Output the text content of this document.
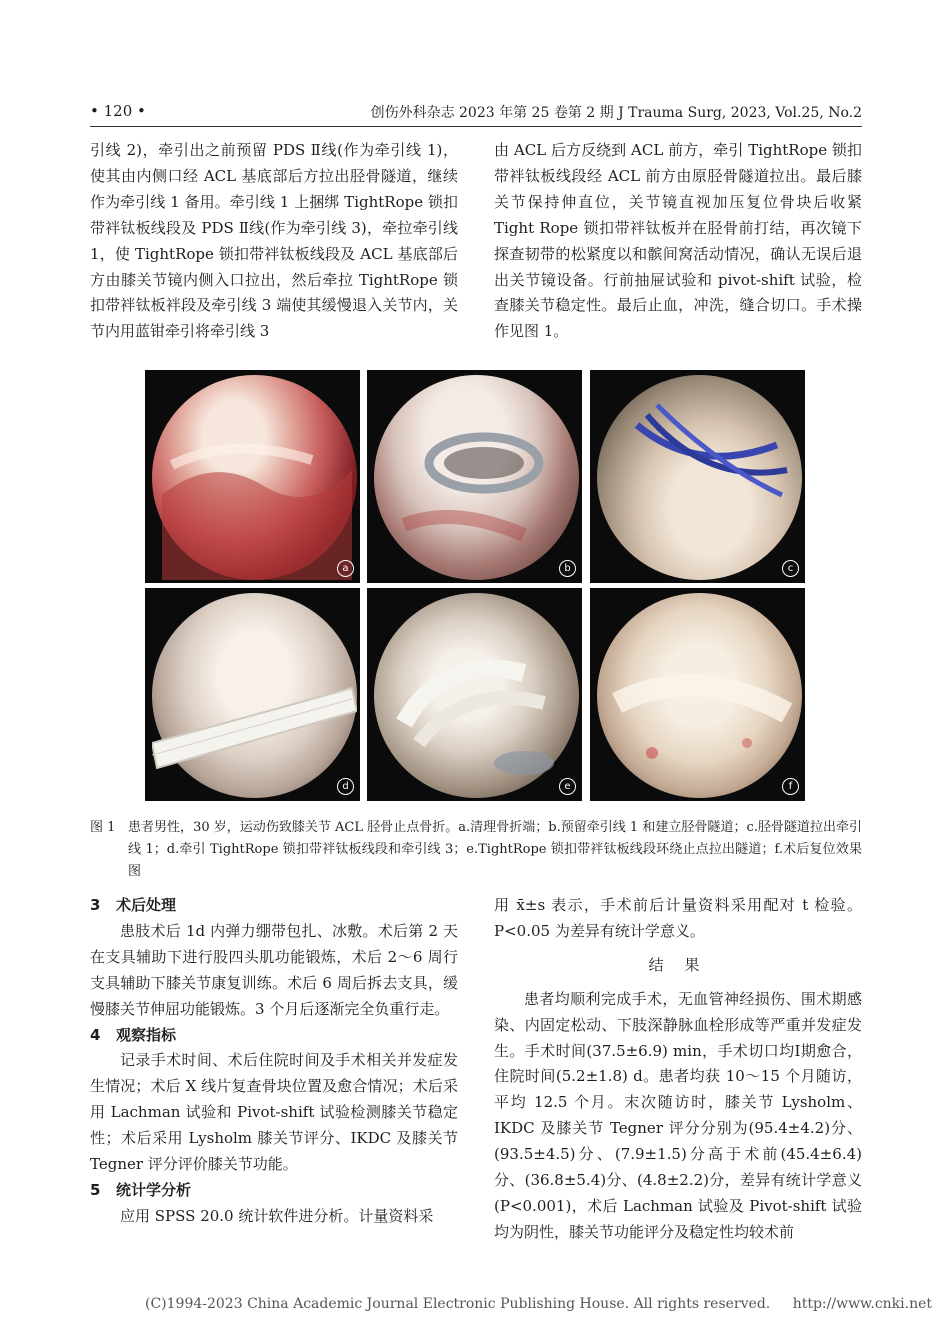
• 120 •	创伤外科杂志 2023 年第 25 卷第 2 期 J Trauma Surg, 2023, Vol.25, No.2

引线 2)，牵引出之前预留 PDS Ⅱ线(作为牵引线 1)，使其由内侧口经 ACL 基底部后方拉出胫骨隧道，继续作为牵引线 1 备用。牵引线 1 上捆绑 TightRope 锁扣带袢钛板线段及 PDS Ⅱ线(作为牵引线 3)，牵拉牵引线 1，使 TightRope 锁扣带袢钛板线段及 ACL 基底部后方由膝关节镜内侧入口拉出，然后牵拉 TightRope 锁扣带袢钛板袢段及牵引线 3 端使其缓慢退入关节内，关节内用蓝钳牵引将牵引线 3

由 ACL 后方反绕到 ACL 前方，牵引 TightRope 锁扣带袢钛板线段经 ACL 前方由原胫骨隧道拉出。最后膝关节保持伸直位，关节镜直视加压复位骨块后收紧 Tight Rope 锁扣带袢钛板并在胫骨前打结，再次镜下探查韧带的松紧度以和髌间窝活动情况，确认无误后退出关节镜设备。行前抽屉试验和 pivot-shift 试验，检查膝关节稳定性。最后止血，冲洗，缝合切口。手术操作见图 1。

a	b	c
d	e	f
图 1 患者男性，30 岁，运动伤致膝关节 ACL 胫骨止点骨折。a.清理骨折端；b.预留牵引线 1 和建立胫骨隧道；c.胫骨隧道拉出牵引线 1；d.牵引 TightRope 锁扣带袢钛板线段和牵引线 3；e.TightRope 锁扣带袢钛板线段环绕止点拉出隧道；f.术后复位效果图

3 术后处理

患肢术后 1d 内弹力绷带包扎、冰敷。术后第 2 天在支具辅助下进行股四头肌功能锻炼，术后 2～6 周行支具辅助下膝关节康复训练。术后 6 周后拆去支具，缓慢膝关节伸屈功能锻炼。3 个月后逐渐完全负重行走。

4 观察指标

记录手术时间、术后住院时间及手术相关并发症发生情况；术后 X 线片复查骨块位置及愈合情况；术后采用 Lachman 试验和 Pivot-shift 试验检测膝关节稳定性；术后采用 Lysholm 膝关节评分、IKDC 及膝关节 Tegner 评分评价膝关节功能。

5 统计学分析

应用 SPSS 20.0 统计软件进分析。计量资料采

用 x̄±s 表示，手术前后计量资料采用配对 t 检验。P<0.05 为差异有统计学意义。

结 果

患者均顺利完成手术，无血管神经损伤、围术期感染、内固定松动、下肢深静脉血栓形成等严重并发症发生。手术时间(37.5±6.9) min，手术切口均Ⅰ期愈合，住院时间(5.2±1.8) d。患者均获 10～15 个月随访，平均 12.5 个月。末次随访时，膝关节 Lysholm、IKDC 及膝关节 Tegner 评分分别为(95.4±4.2)分、(93.5±4.5)分、(7.9±1.5)分高于术前(45.4±6.4)分、(36.8±5.4)分、(4.8±2.2)分，差异有统计学意义(P<0.001)，术后 Lachman 试验及 Pivot-shift 试验均为阴性，膝关节功能评分及稳定性均较术前

(C)1994-2023 China Academic Journal Electronic Publishing House. All rights reserved. http://www.cnki.net
